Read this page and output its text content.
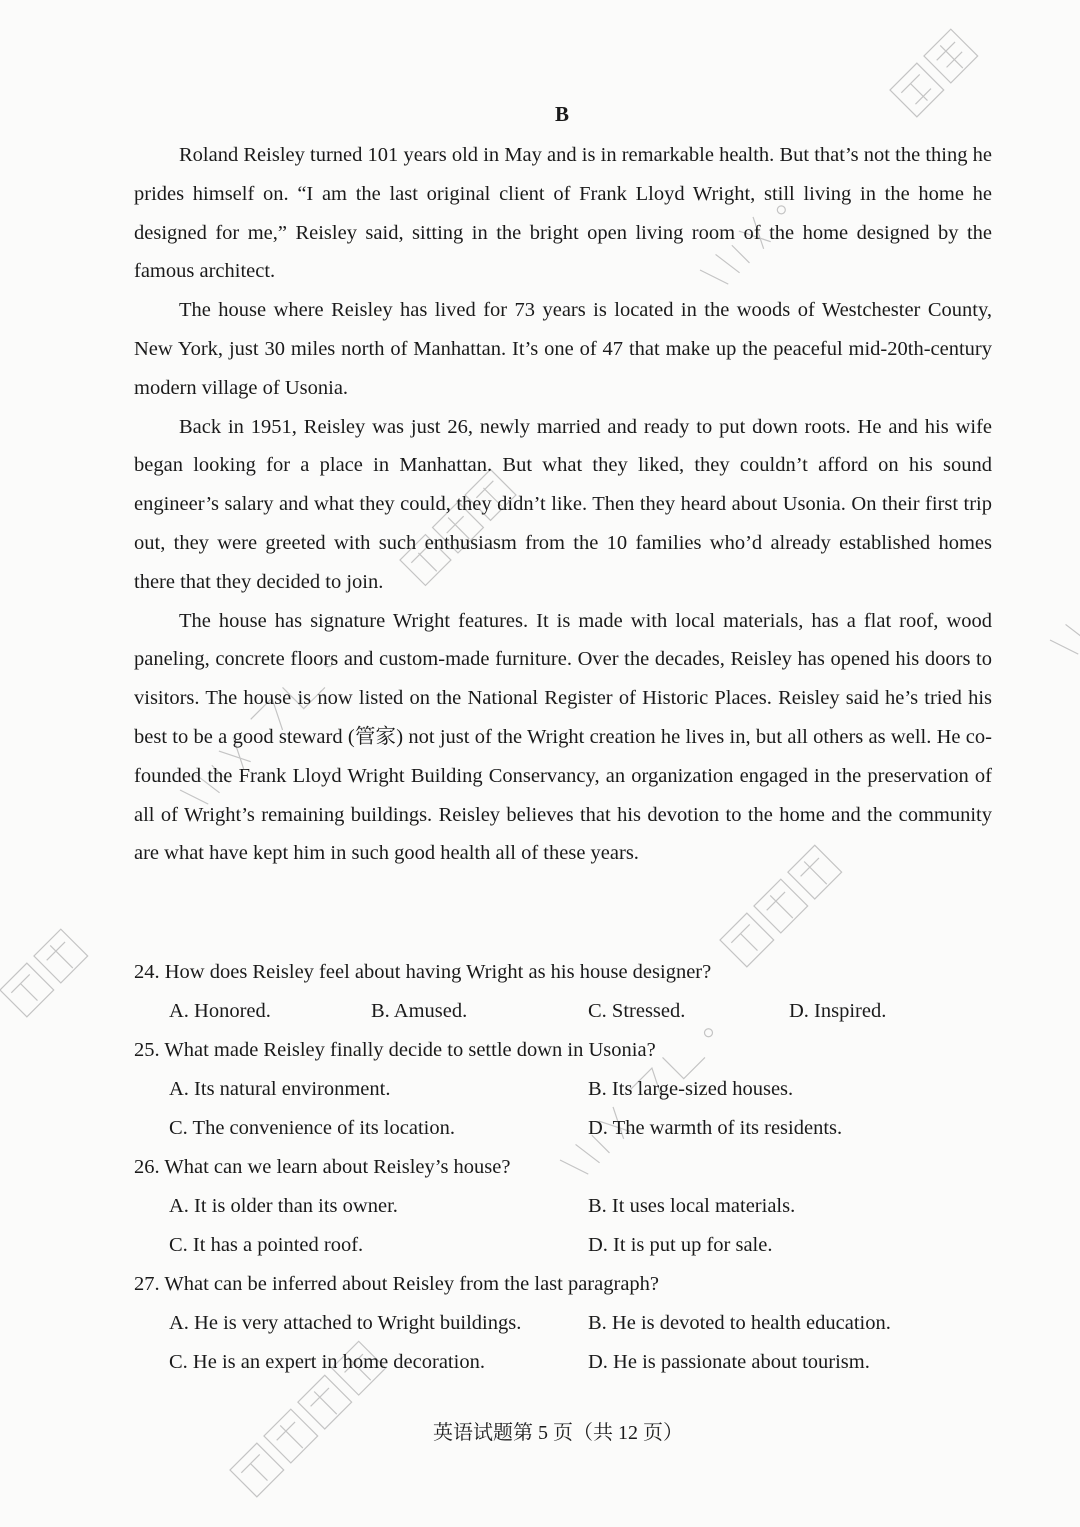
B

Roland Reisley turned 101 years old in May and is in remarkable health. But that’s not the thing he prides himself on. “I am the last original client of Frank Lloyd Wright, still living in the home he designed for me,” Reisley said, sitting in the bright open living room of the home designed by the famous architect.

The house where Reisley has lived for 73 years is located in the woods of Westchester County, New York, just 30 miles north of Manhattan. It’s one of 47 that make up the peaceful mid-20th-century modern village of Usonia.

Back in 1951, Reisley was just 26, newly married and ready to put down roots. He and his wife began looking for a place in Manhattan. But what they liked, they couldn’t afford on his sound engineer’s salary and what they could, they didn’t like. Then they heard about Usonia. On their first trip out, they were greeted with such enthusiasm from the 10 families who’d already established homes there that they decided to join.

The house has signature Wright features. It is made with local materials, has a flat roof, wood paneling, concrete floors and custom-made furniture. Over the decades, Reisley has opened his doors to visitors. The house is now listed on the National Register of Historic Places. Reisley said he’s tried his best to be a good steward (管家) not just of the Wright creation he lives in, but all others as well. He co-founded the Frank Lloyd Wright Building Conservancy, an organization engaged in the preservation of all of Wright’s remaining buildings. Reisley believes that his devotion to the home and the community are what have kept him in such good health all of these years.

24. How does Reisley feel about having Wright as his house designer?
A. Honored.	B. Amused.	C. Stressed.	D. Inspired.
25. What made Reisley finally decide to settle down in Usonia?
A. Its natural environment.	B. Its large-sized houses.
C. The convenience of its location.	D. The warmth of its residents.
26. What can we learn about Reisley’s house?
A. It is older than its owner.	B. It uses local materials.
C. It has a pointed roof.	D. It is put up for sale.
27. What can be inferred about Reisley from the last paragraph?
A. He is very attached to Wright buildings.	B. He is devoted to health education.
C. He is an expert in home decoration.	D. He is passionate about tourism.
英语试题第 5 页（共 12 页）
